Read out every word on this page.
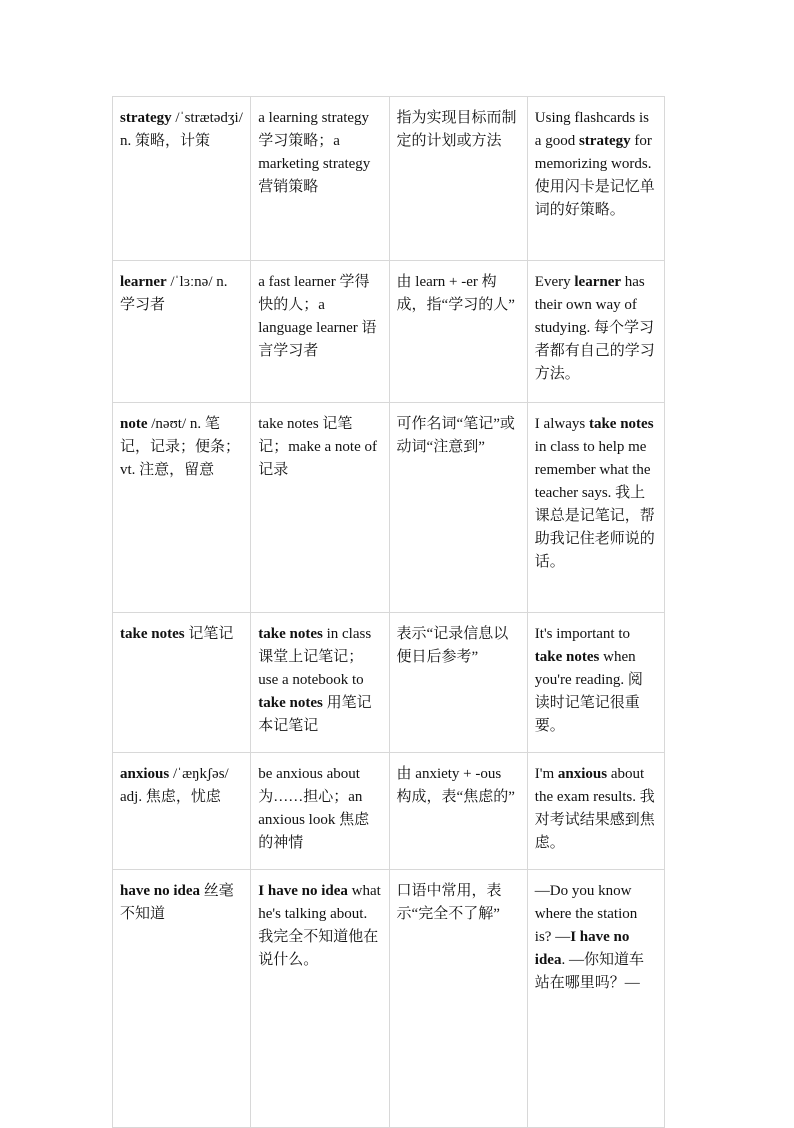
strategy /ˈstrætədʒi/ n. 策略，计策	a learning strategy 学习策略；a marketing strategy 营销策略	指为实现目标而制定的计划或方法	Using flashcards is a good strategy for memorizing words. 使用闪卡是记忆单词的好策略。
learner /ˈlɜːnə/ n. 学习者	a fast learner 学得快的人；a language learner 语言学习者	由 learn + -er 构成，指“学习的人”	Every learner has their own way of studying. 每个学习者都有自己的学习方法。
note /nəʊt/ n. 笔记，记录；便条；vt. 注意，留意	take notes 记笔记；make a note of 记录	可作名词“笔记”或动词“注意到”	I always take notes in class to help me remember what the teacher says. 我上课总是记笔记，帮助我记住老师说的话。
take notes 记笔记	take notes in class 课堂上记笔记；use a notebook to take notes 用笔记本记笔记	表示“记录信息以便日后参考”	It's important to take notes when you're reading. 阅读时记笔记很重要。
anxious /ˈæŋkʃəs/ adj. 焦虑，忧虑	be anxious about 为……担心；an anxious look 焦虑的神情	由 anxiety + -ous 构成，表“焦虑的”	I'm anxious about the exam results. 我对考试结果感到焦虑。
have no idea 丝毫不知道	I have no idea what he's talking about. 我完全不知道他在说什么。	口语中常用，表示“完全不了解”	—Do you know where the station is? —I have no idea. —你知道车站在哪里吗？—
